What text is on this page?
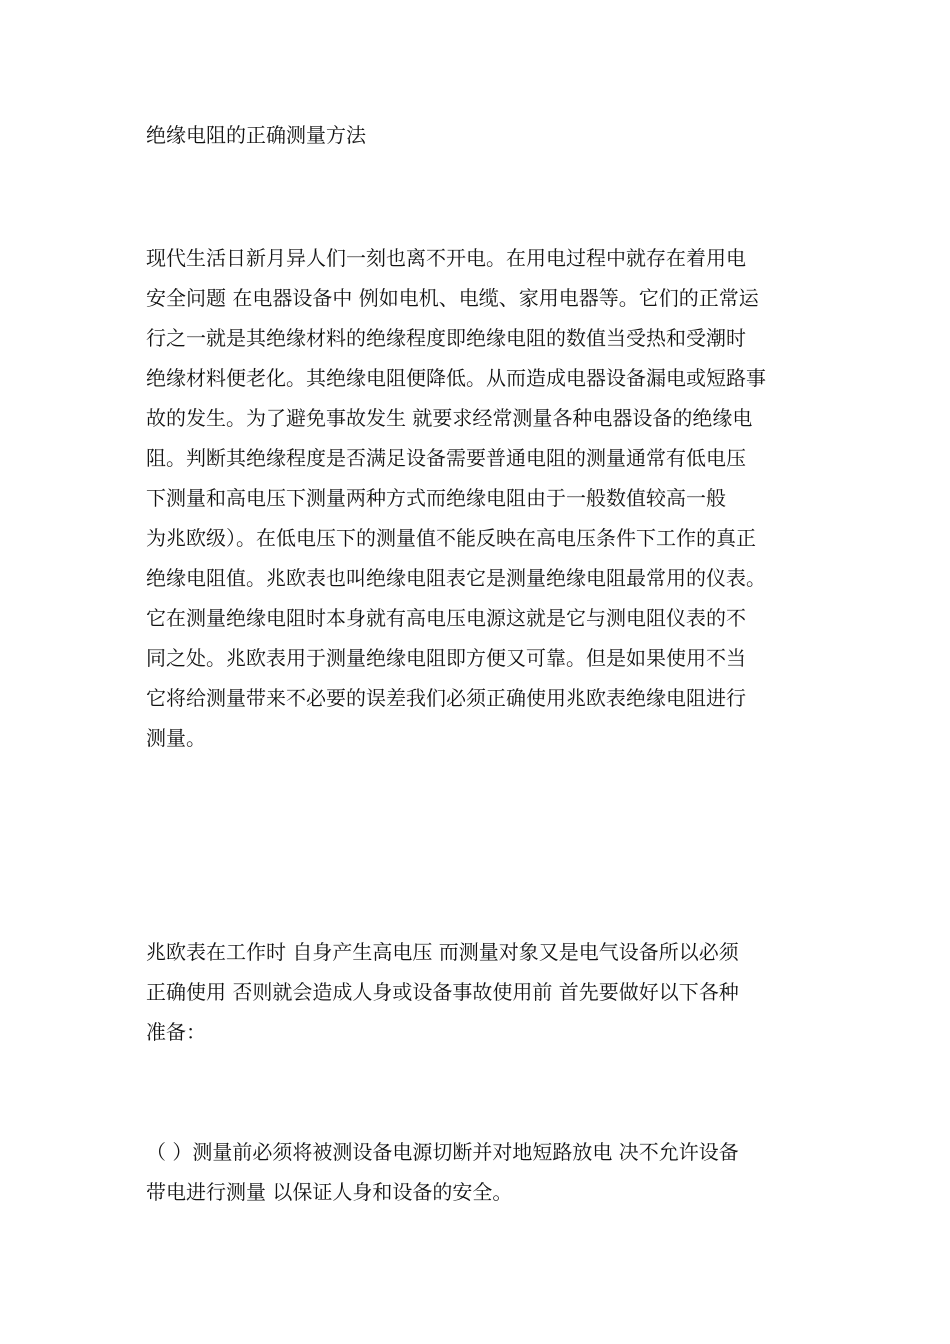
绝缘电阻的正确测量方法
现代生活日新月异人们一刻也离不开电。在用电过程中就存在着用电
安全问题 在电器设备中 例如电机、电缆、家用电器等。它们的正常运
行之一就是其绝缘材料的绝缘程度即绝缘电阻的数值当受热和受潮时
绝缘材料便老化。其绝缘电阻便降低。从而造成电器设备漏电或短路事
故的发生。为了避免事故发生 就要求经常测量各种电器设备的绝缘电
阻。判断其绝缘程度是否满足设备需要普通电阻的测量通常有低电压
下测量和高电压下测量两种方式而绝缘电阻由于一般数值较高一般
为兆欧级）。在低电压下的测量值不能反映在高电压条件下工作的真正
绝缘电阻值。兆欧表也叫绝缘电阻表它是测量绝缘电阻最常用的仪表。
它在测量绝缘电阻时本身就有高电压电源这就是它与测电阻仪表的不
同之处。兆欧表用于测量绝缘电阻即方便又可靠。但是如果使用不当
它将给测量带来不必要的误差我们必须正确使用兆欧表绝缘电阻进行
测量。
兆欧表在工作时 自身产生高电压 而测量对象又是电气设备所以必须
正确使用 否则就会造成人身或设备事故使用前 首先要做好以下各种
准备：
（ ）测量前必须将被测设备电源切断并对地短路放电 决不允许设备
带电进行测量 以保证人身和设备的安全。
